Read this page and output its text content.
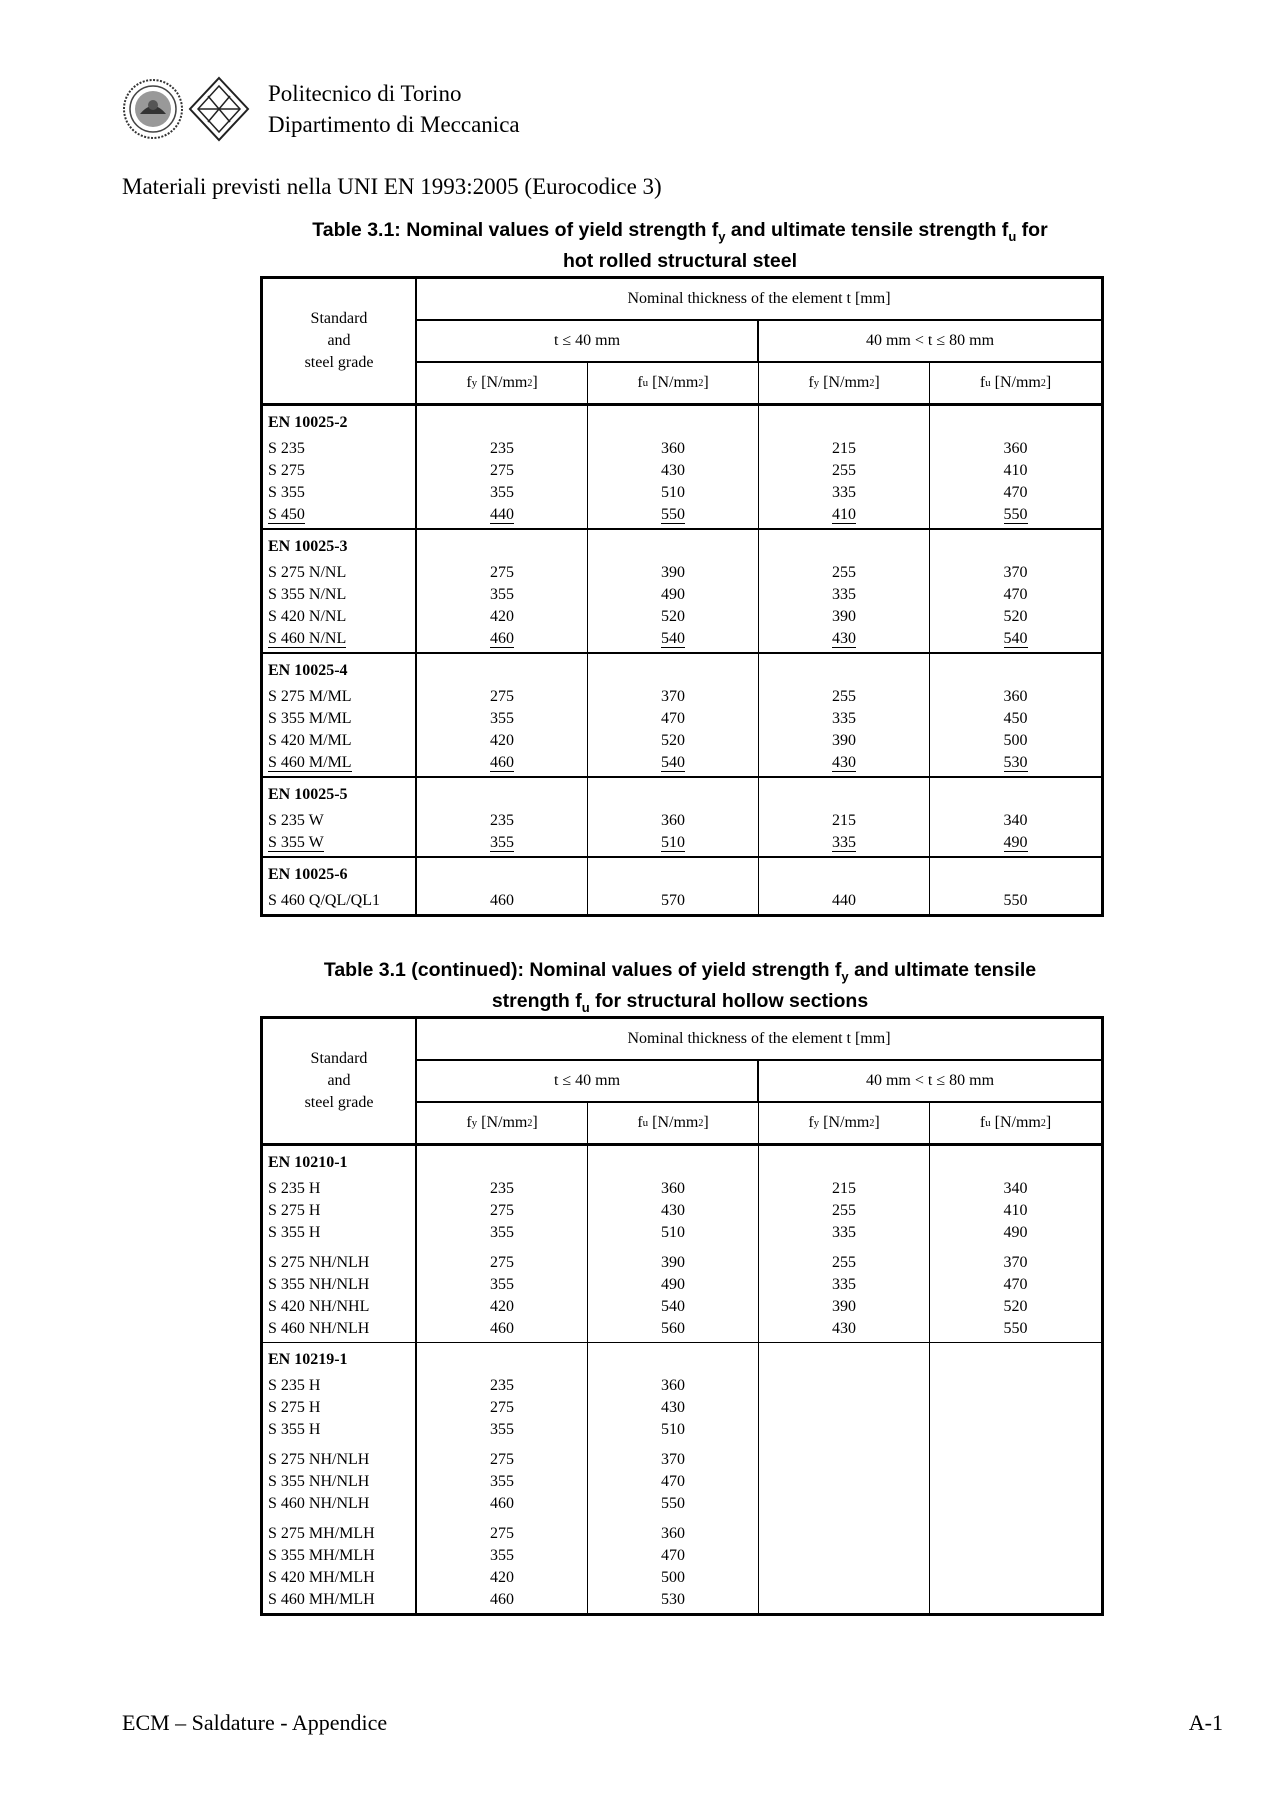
Politecnico di Torino
Dipartimento di Meccanica
Materiali previsti nella UNI EN 1993:2005 (Eurocodice 3)
Table 3.1: Nominal values of yield strength $f_y$ and ultimate tensile strength $f_u$ for
hot rolled structural steel
Standard
and
steel grade
Nominal thickness of the element t [mm]
t ≤ 40 mm	40 mm < t ≤ 80 mm
f y [N/mm 2 ]	f u [N/mm 2 ]	f y [N/mm 2 ]	f u [N/mm 2 ]
EN 10025-2
S 235	235	360	215	360
S 275	275	430	255	410
S 355	355	510	335	470
S 450	440	550	410	550
EN 10025-3
S 275 N/NL	275	390	255	370
S 355 N/NL	355	490	335	470
S 420 N/NL	420	520	390	520
S 460 N/NL	460	540	430	540
EN 10025-4
S 275 M/ML	275	370	255	360
S 355 M/ML	355	470	335	450
S 420 M/ML	420	520	390	500
S 460 M/ML	460	540	430	530
EN 10025-5
S 235 W	235	360	215	340
S 355 W	355	510	335	490
EN 10025-6
S 460 Q/QL/QL1	460	570	440	550
Table 3.1 (continued): Nominal values of yield strength $f_y$ and ultimate tensile
strength $f_u$ for structural hollow sections
Standard
and
steel grade
Nominal thickness of the element t [mm]
t ≤ 40 mm	40 mm < t ≤ 80 mm
f y [N/mm 2 ]	f u [N/mm 2 ]	f y [N/mm 2 ]	f u [N/mm 2 ]
EN 10210-1
S 235 H	235	360	215	340
S 275 H	275	430	255	410
S 355 H	355	510	335	490
S 275 NH/NLH	275	390	255	370
S 355 NH/NLH	355	490	335	470
S 420 NH/NHL	420	540	390	520
S 460 NH/NLH	460	560	430	550
EN 10219-1
S 235 H	235	360
S 275 H	275	430
S 355 H	355	510
S 275 NH/NLH	275	370
S 355 NH/NLH	355	470
S 460 NH/NLH	460	550
S 275 MH/MLH	275	360
S 355 MH/MLH	355	470
S 420 MH/MLH	420	500
S 460 MH/MLH	460	530
ECM – Saldature - Appendice	A-1
